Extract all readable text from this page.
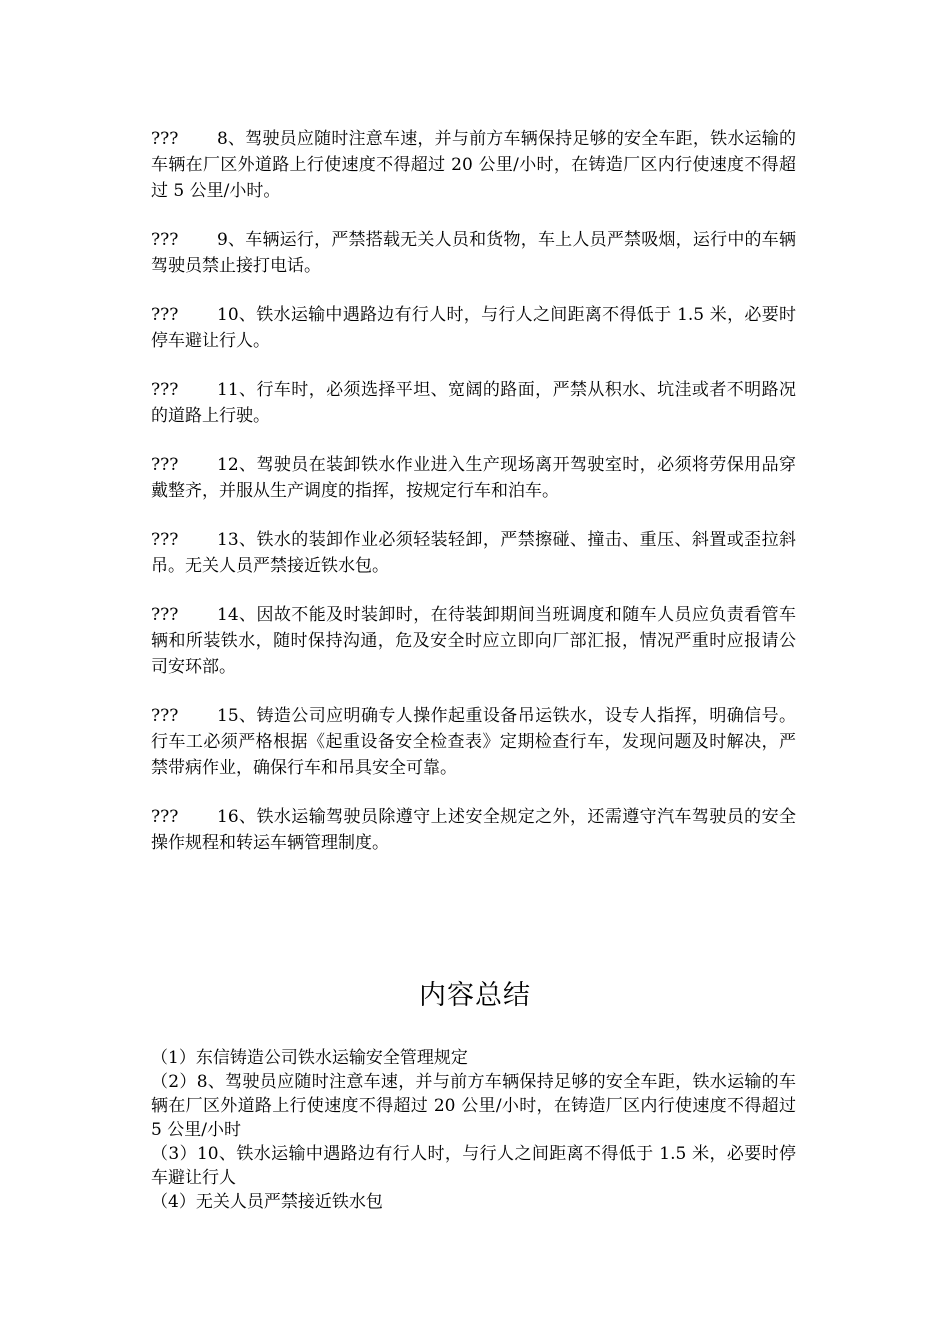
??? 8、驾驶员应随时注意车速，并与前方车辆保持足够的安全车距，铁水运输的车辆在厂区外道路上行使速度不得超过 20 公里/小时，在铸造厂区内行使速度不得超过 5 公里/小时。

??? 9、车辆运行，严禁搭载无关人员和货物，车上人员严禁吸烟，运行中的车辆驾驶员禁止接打电话。

??? 10、铁水运输中遇路边有行人时，与行人之间距离不得低于 1.5 米，必要时停车避让行人。

??? 11、行车时，必须选择平坦、宽阔的路面，严禁从积水、坑洼或者不明路况的道路上行驶。

??? 12、驾驶员在装卸铁水作业进入生产现场离开驾驶室时，必须将劳保用品穿戴整齐，并服从生产调度的指挥，按规定行车和泊车。

??? 13、铁水的装卸作业必须轻装轻卸，严禁擦碰、撞击、重压、斜置或歪拉斜吊。无关人员严禁接近铁水包。

??? 14、因故不能及时装卸时，在待装卸期间当班调度和随车人员应负责看管车辆和所装铁水，随时保持沟通，危及安全时应立即向厂部汇报，情况严重时应报请公司安环部。

??? 15、铸造公司应明确专人操作起重设备吊运铁水，设专人指挥，明确信号。行车工必须严格根据《起重设备安全检查表》定期检查行车，发现问题及时解决，严禁带病作业，确保行车和吊具安全可靠。

??? 16、铁水运输驾驶员除遵守上述安全规定之外，还需遵守汽车驾驶员的安全操作规程和转运车辆管理制度。

内容总结

（1）东信铸造公司铁水运输安全管理规定

（2）8、驾驶员应随时注意车速，并与前方车辆保持足够的安全车距，铁水运输的车辆在厂区外道路上行使速度不得超过 20 公里/小时，在铸造厂区内行使速度不得超过 5 公里/小时

（3）10、铁水运输中遇路边有行人时，与行人之间距离不得低于 1.5 米，必要时停车避让行人

（4）无关人员严禁接近铁水包
